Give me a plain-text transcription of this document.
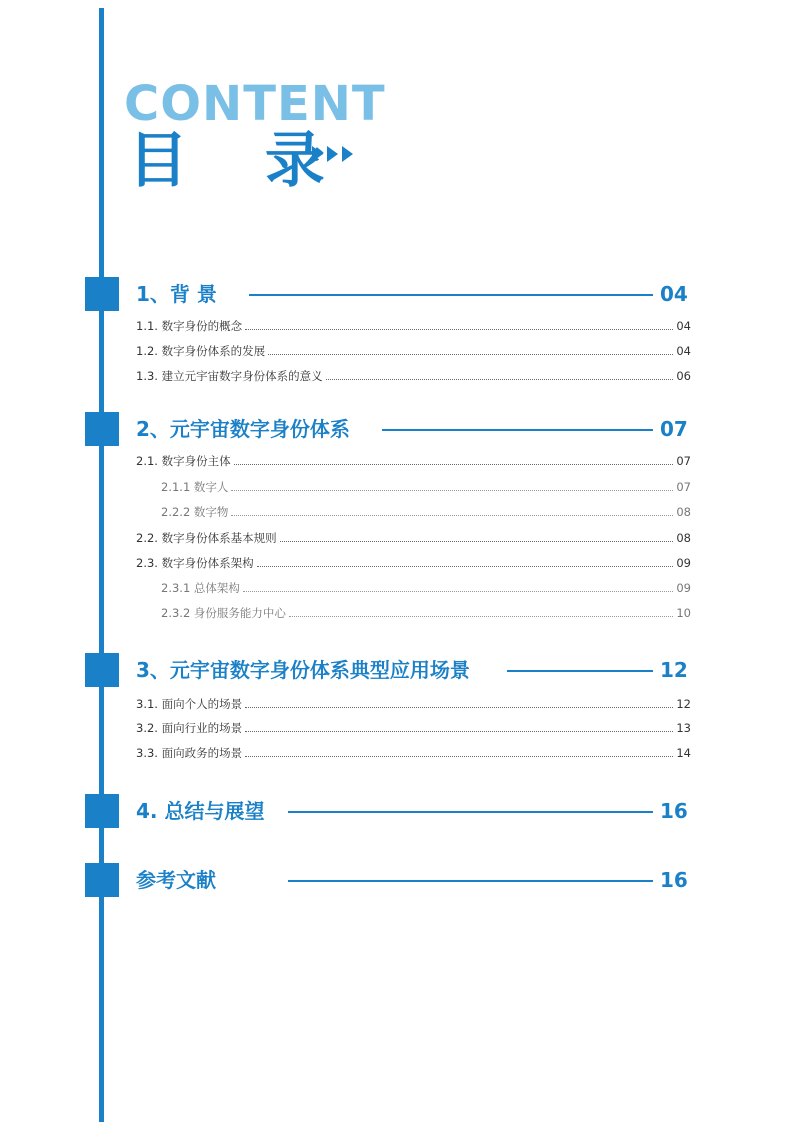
CONTENT
目 录
1、背 景	04
1.1. 数字身份的概念	04
1.2. 数字身份体系的发展	04
1.3. 建立元宇宙数字身份体系的意义	06
2、元宇宙数字身份体系	07
2.1. 数字身份主体	07
2.1.1 数字人	07
2.2.2 数字物	08
2.2. 数字身份体系基本规则	08
2.3. 数字身份体系架构	09
2.3.1 总体架构	09
2.3.2 身份服务能力中心	10
3、元宇宙数字身份体系典型应用场景	12
3.1. 面向个人的场景	12
3.2. 面向行业的场景	13
3.3. 面向政务的场景	14
4. 总结与展望	16
参考文献	16
